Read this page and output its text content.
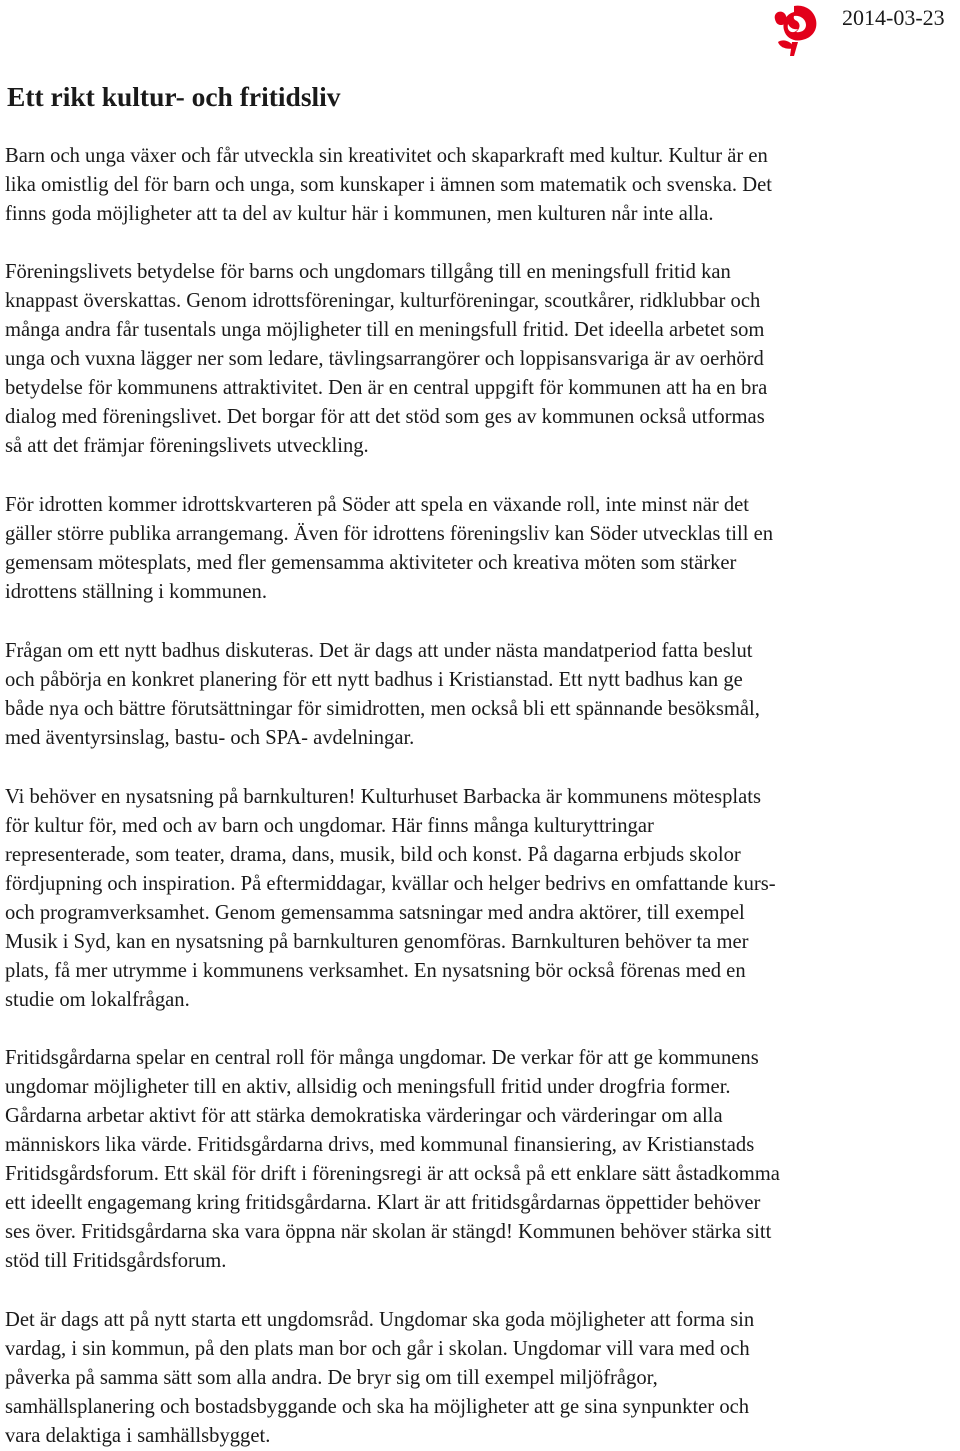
2014-03-23
Ett rikt kultur- och fritidsliv

Barn och unga växer och får utveckla sin kreativitet och skaparkraft med kultur. Kultur är en
lika omistlig del för barn och unga, som kunskaper i ämnen som matematik och svenska. Det
finns goda möjligheter att ta del av kultur här i kommunen, men kulturen når inte alla.

Föreningslivets betydelse för barns och ungdomars tillgång till en meningsfull fritid kan
knappast överskattas. Genom idrottsföreningar, kulturföreningar, scoutkårer, ridklubbar och
många andra får tusentals unga möjligheter till en meningsfull fritid. Det ideella arbetet som
unga och vuxna lägger ner som ledare, tävlingsarrangörer och loppisansvariga är av oerhörd
betydelse för kommunens attraktivitet. Den är en central uppgift för kommunen att ha en bra
dialog med föreningslivet. Det borgar för att det stöd som ges av kommunen också utformas
så att det främjar föreningslivets utveckling.

För idrotten kommer idrottskvarteren på Söder att spela en växande roll, inte minst när det
gäller större publika arrangemang. Även för idrottens föreningsliv kan Söder utvecklas till en
gemensam mötesplats, med fler gemensamma aktiviteter och kreativa möten som stärker
idrottens ställning i kommunen.

Frågan om ett nytt badhus diskuteras. Det är dags att under nästa mandatperiod fatta beslut
och påbörja en konkret planering för ett nytt badhus i Kristianstad. Ett nytt badhus kan ge
både nya och bättre förutsättningar för simidrotten, men också bli ett spännande besöksmål,
med äventyrsinslag, bastu- och SPA- avdelningar.

Vi behöver en nysatsning på barnkulturen! Kulturhuset Barbacka är kommunens mötesplats
för kultur för, med och av barn och ungdomar. Här finns många kulturyttringar
representerade, som teater, drama, dans, musik, bild och konst. På dagarna erbjuds skolor
fördjupning och inspiration. På eftermiddagar, kvällar och helger bedrivs en omfattande kurs-
och programverksamhet. Genom gemensamma satsningar med andra aktörer, till exempel
Musik i Syd, kan en nysatsning på barnkulturen genomföras. Barnkulturen behöver ta mer
plats, få mer utrymme i kommunens verksamhet. En nysatsning bör också förenas med en
studie om lokalfrågan.

Fritidsgårdarna spelar en central roll för många ungdomar. De verkar för att ge kommunens
ungdomar möjligheter till en aktiv, allsidig och meningsfull fritid under drogfria former.
Gårdarna arbetar aktivt för att stärka demokratiska värderingar och värderingar om alla
människors lika värde. Fritidsgårdarna drivs, med kommunal finansiering, av Kristianstads
Fritidsgårdsforum. Ett skäl för drift i föreningsregi är att också på ett enklare sätt åstadkomma
ett ideellt engagemang kring fritidsgårdarna. Klart är att fritidsgårdarnas öppettider behöver
ses över. Fritidsgårdarna ska vara öppna när skolan är stängd! Kommunen behöver stärka sitt
stöd till Fritidsgårdsforum.

Det är dags att på nytt starta ett ungdomsråd. Ungdomar ska goda möjligheter att forma sin
vardag, i sin kommun, på den plats man bor och går i skolan. Ungdomar vill vara med och
påverka på samma sätt som alla andra. De bryr sig om till exempel miljöfrågor,
samhällsplanering och bostadsbyggande och ska ha möjligheter att ge sina synpunkter och
vara delaktiga i samhällsbygget.
